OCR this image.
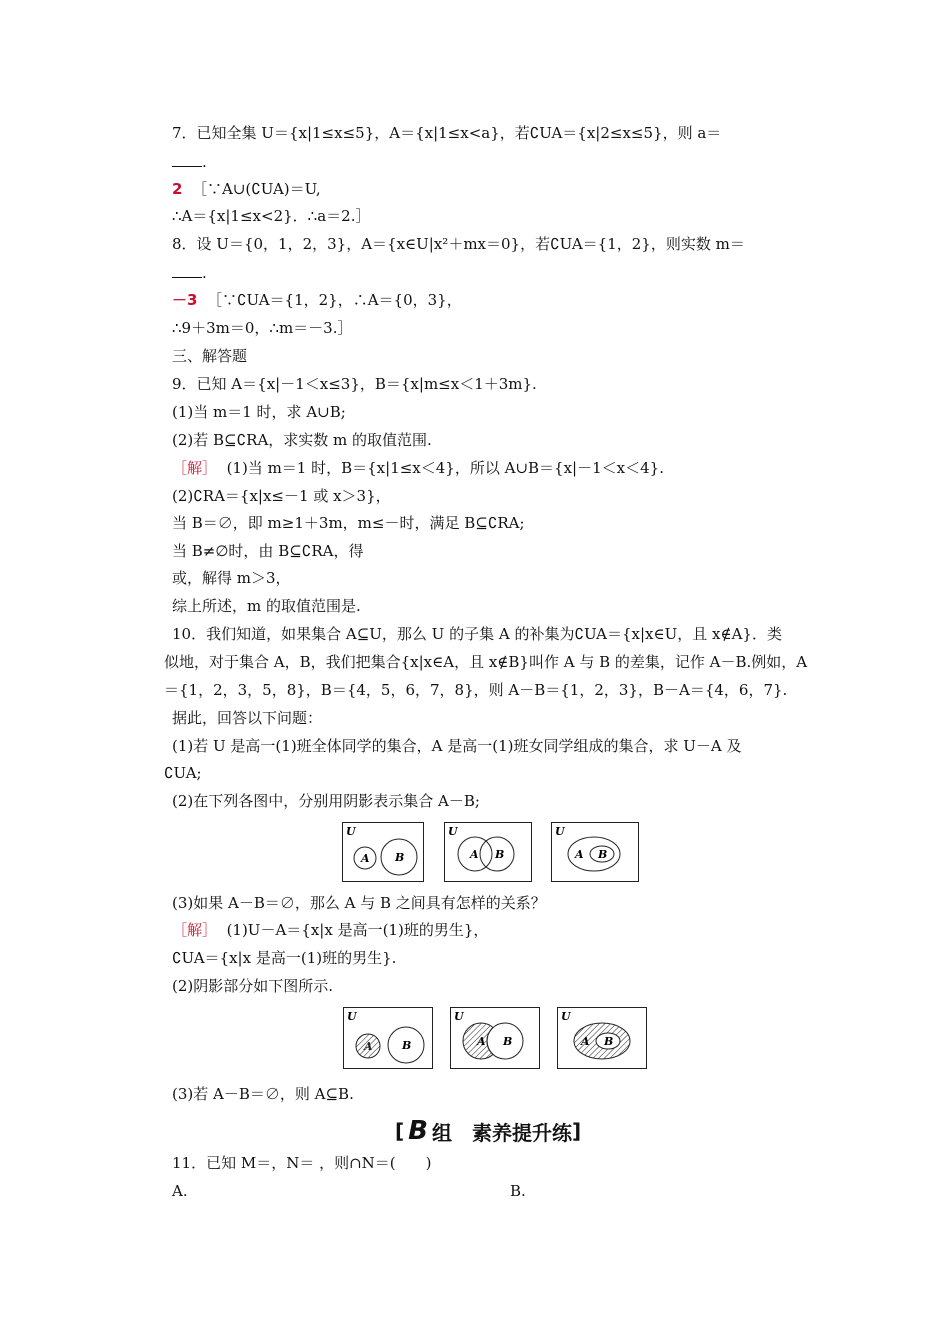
7．已知全集 U＝{x|1≤x≤5}，A＝{x|1≤x<a}，若∁UA＝{x|2≤x≤5}，则 a＝
.
2 ［∵A∪(∁UA)＝U,
∴A＝{x|1≤x<2}．∴a＝2.］
8．设 U＝{0，1，2，3}，A＝{x∈U|x²＋mx＝0}，若∁UA＝{1，2}，则实数 m＝
.
－3 ［∵∁UA＝{1，2}，∴A＝{0，3}，
∴9＋3m＝0，∴m＝－3.］
三、解答题
9．已知 A＝{x|－1＜x≤3}，B＝{x|m≤x＜1＋3m}.
(1)当 m＝1 时，求 A∪B;
(2)若 B⊆∁RA，求实数 m 的取值范围.
［解］ (1)当 m＝1 时，B＝{x|1≤x＜4}，所以 A∪B＝{x|－1＜x＜4}.
(2)∁RA＝{x|x≤－1 或 x＞3}，
当 B＝∅，即 m≥1＋3m，m≤－时，满足 B⊆∁RA;
当 B≠∅时，由 B⊆∁RA，得
或，解得 m＞3，
综上所述，m 的取值范围是.
10．我们知道，如果集合 A⊆U，那么 U 的子集 A 的补集为∁UA＝{x|x∈U，且 x∉A}．类
似地，对于集合 A，B，我们把集合{x|x∈A，且 x∉B}叫作 A 与 B 的差集，记作 A－B.例如，A
＝{1，2，3，5，8}，B＝{4，5，6，7，8}，则 A－B＝{1，2，3}，B－A＝{4，6，7}.
据此，回答以下问题：
(1)若 U 是高一(1)班全体同学的集合，A 是高一(1)班女同学组成的集合，求 U－A 及
∁UA;
(2)在下列各图中，分别用阴影表示集合 A－B;
U
A B
U
A B
U
A B
(3)如果 A－B＝∅，那么 A 与 B 之间具有怎样的关系？
［解］ (1)U－A＝{x|x 是高一(1)班的男生}，
∁UA＝{x|x 是高一(1)班的男生}.
(2)阴影部分如下图所示.
U
A	B
U
A B
U
A B
(3)若 A－B＝∅，则 A⊆B.
[ B 组　素养提升练 ]
11．已知 M＝，N＝ ，则∩N＝(　　)
A.	B.
